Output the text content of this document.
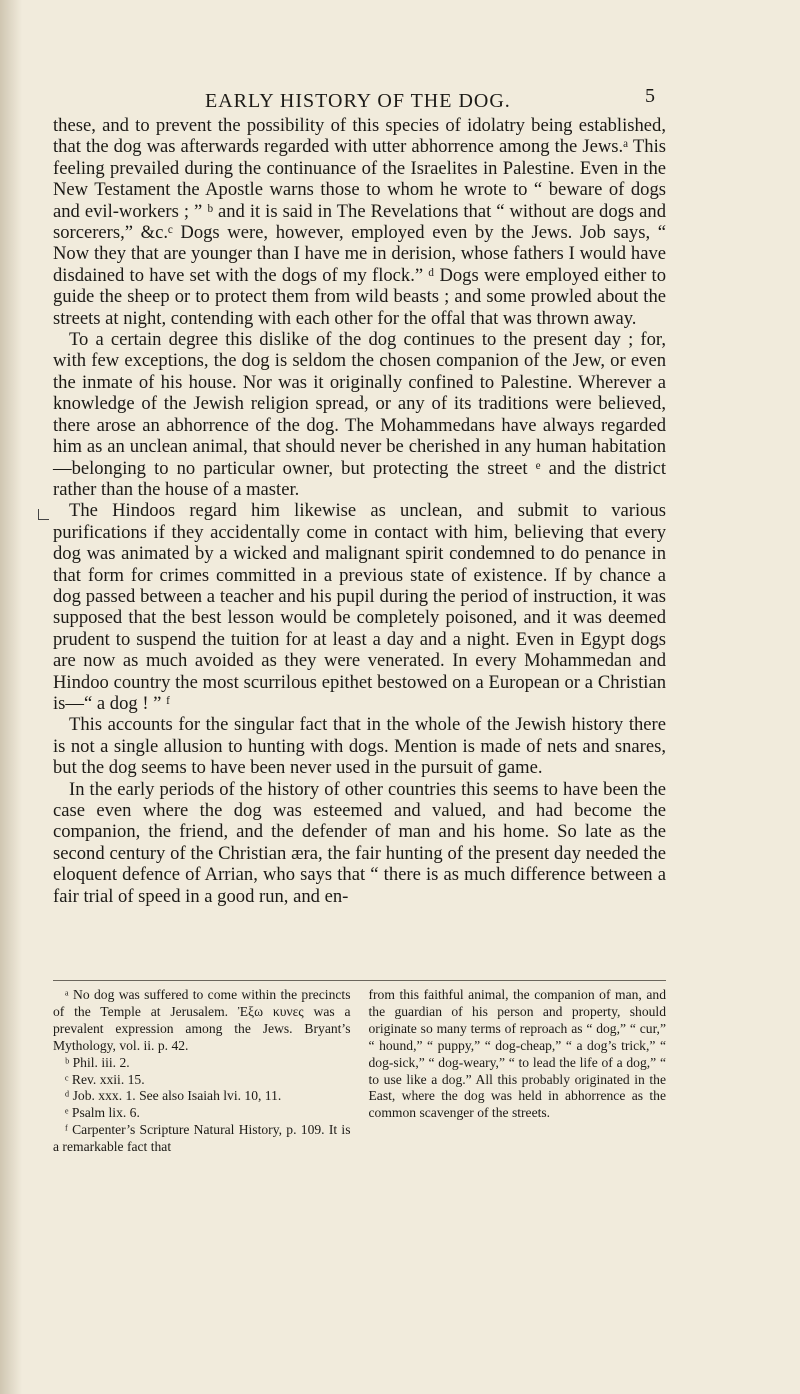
EARLY HISTORY OF THE DOG.	5

these, and to prevent the possibility of this species of idolatry being established, that the dog was afterwards regarded with utter abhorrence among the Jews.ᵃ This feeling prevailed during the continuance of the Israelites in Palestine. Even in the New Testament the Apostle warns those to whom he wrote to “ beware of dogs and evil-workers ; ” ᵇ and it is said in The Revelations that “ without are dogs and sorcerers,” &c.ᶜ Dogs were, however, employed even by the Jews. Job says, “ Now they that are younger than I have me in derision, whose fathers I would have disdained to have set with the dogs of my flock.” ᵈ Dogs were employed either to guide the sheep or to protect them from wild beasts ; and some prowled about the streets at night, contending with each other for the offal that was thrown away.

To a certain degree this dislike of the dog continues to the present day ; for, with few exceptions, the dog is seldom the chosen companion of the Jew, or even the inmate of his house. Nor was it originally confined to Palestine. Wherever a knowledge of the Jewish religion spread, or any of its traditions were believed, there arose an abhorrence of the dog. The Mohammedans have always regarded him as an unclean animal, that should never be cherished in any human habitation—belonging to no particular owner, but protecting the street ᵉ and the district rather than the house of a master.

The Hindoos regard him likewise as unclean, and submit to various purifications if they accidentally come in contact with him, believing that every dog was animated by a wicked and malignant spirit condemned to do penance in that form for crimes committed in a previous state of existence. If by chance a dog passed between a teacher and his pupil during the period of instruction, it was supposed that the best lesson would be completely poisoned, and it was deemed prudent to suspend the tuition for at least a day and a night. Even in Egypt dogs are now as much avoided as they were venerated. In every Mohammedan and Hindoo country the most scurrilous epithet bestowed on a European or a Christian is—“ a dog ! ” ᶠ

This accounts for the singular fact that in the whole of the Jewish history there is not a single allusion to hunting with dogs. Mention is made of nets and snares, but the dog seems to have been never used in the pursuit of game.

In the early periods of the history of other countries this seems to have been the case even where the dog was esteemed and valued, and had become the companion, the friend, and the defender of man and his home. So late as the second century of the Christian æra, the fair hunting of the present day needed the eloquent defence of Arrian, who says that “ there is as much difference between a fair trial of speed in a good run, and en-

ᵃ No dog was suffered to come within the precincts of the Temple at Jerusalem. Ἐξω κυνες was a prevalent expression among the Jews. Bryant’s Mythology, vol. ii. p. 42.

ᵇ Phil. iii. 2.

ᶜ Rev. xxii. 15.

ᵈ Job. xxx. 1. See also Isaiah lvi. 10, 11.

ᵉ Psalm lix. 6.

ᶠ Carpenter’s Scripture Natural History, p. 109. It is a remarkable fact that

from this faithful animal, the companion of man, and the guardian of his person and property, should originate so many terms of reproach as “ dog,” “ cur,” “ hound,” “ puppy,” “ dog-cheap,” “ a dog’s trick,” “ dog-sick,” “ dog-weary,” “ to lead the life of a dog,” “ to use like a dog.” All this probably originated in the East, where the dog was held in abhorrence as the common scavenger of the streets.
